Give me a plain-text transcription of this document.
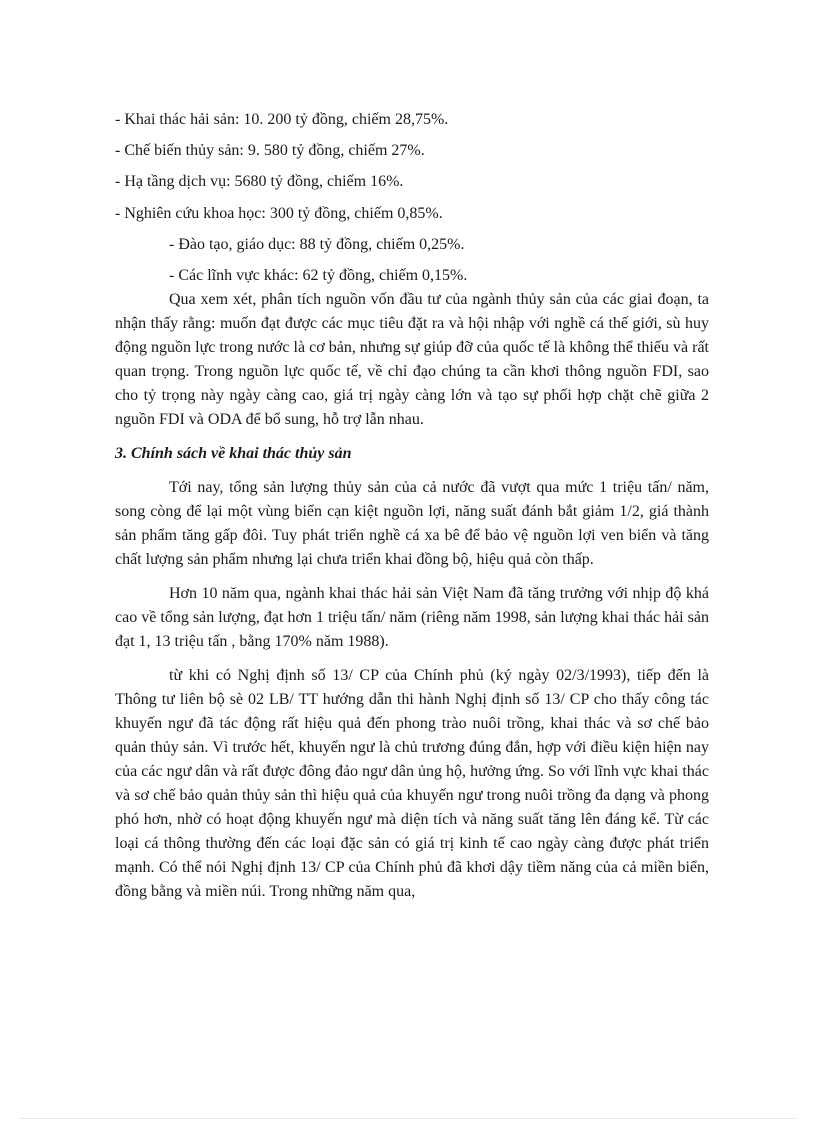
- Khai thác hải sản: 10. 200 tỷ đồng, chiếm 28,75%.
- Chế biến thủy sản: 9. 580 tỷ đồng, chiếm 27%.
- Hạ tầng dịch vụ: 5680 tỷ đồng, chiếm 16%.
- Nghiên cứu khoa học: 300 tỷ đồng, chiếm 0,85%.
- Đào tạo, giáo dục: 88 tỷ đồng, chiếm 0,25%.
- Các lĩnh vực khác: 62 tỷ đồng, chiếm 0,15%.

Qua xem xét, phân tích nguồn vốn đầu tư của ngành thủy sản của các giai đoạn, ta nhận thấy rằng: muốn đạt được các mục tiêu đặt ra và hội nhập với nghề cá thế giới, sù huy động nguồn lực trong nước là cơ bản, nhưng sự giúp đỡ của quốc tế là không thể thiếu và rất quan trọng. Trong nguồn lực quốc tế, về chỉ đạo chúng ta cần khơi thông nguồn FDI, sao cho tỷ trọng này ngày càng cao, giá trị ngày càng lớn và tạo sự phối hợp chặt chẽ giữa 2 nguồn FDI và ODA để bổ sung, hỗ trợ lẫn nhau.

3. Chính sách về khai thác thủy sản

Tới nay, tổng sản lượng thủy sản của cả nước đã vượt qua mức 1 triệu tấn/ năm, song còng để lại một vùng biển cạn kiệt nguồn lợi, năng suất đánh bắt giảm 1/2, giá thành sản phẩm tăng gấp đôi. Tuy phát triển nghề cá xa bê để bảo vệ nguồn lợi ven biển và tăng chất lượng sản phẩm nhưng lại chưa triển khai đồng bộ, hiệu quả còn thấp.

Hơn 10 năm qua, ngành khai thác hải sản Việt Nam đã tăng trưởng với nhịp độ khá cao về tổng sản lượng, đạt hơn 1 triệu tấn/ năm (riêng năm 1998, sản lượng khai thác hải sản đạt 1, 13 triệu tấn , bằng 170% năm 1988).

từ khi có Nghị định số 13/ CP của Chính phủ (ký ngày 02/3/1993), tiếp đến là Thông tư liên bộ sè 02 LB/ TT hướng dẫn thi hành Nghị định số 13/ CP cho thấy công tác khuyến ngư đã tác động rất hiệu quả đến phong trào nuôi trồng, khai thác và sơ chế bảo quản thủy sản. Vì trước hết, khuyến ngư là chủ trương đúng đắn, hợp với điều kiện hiện nay của các ngư dân và rất được đông đảo ngư dân ủng hộ, hưởng ứng. So với lĩnh vực khai thác và sơ chế bảo quản thủy sản thì hiệu quả của khuyến ngư trong nuôi trồng đa dạng và phong phó hơn, nhờ có hoạt động khuyến ngư mà diện tích và năng suất tăng lên đáng kể. Từ các loại cá thông thường đến các loại đặc sản có giá trị kinh tế cao ngày càng được phát triển mạnh. Có thể nói Nghị định 13/ CP của Chính phủ đã khơi dậy tiềm năng của cả miền biển, đồng bằng và miền núi. Trong những năm qua,
